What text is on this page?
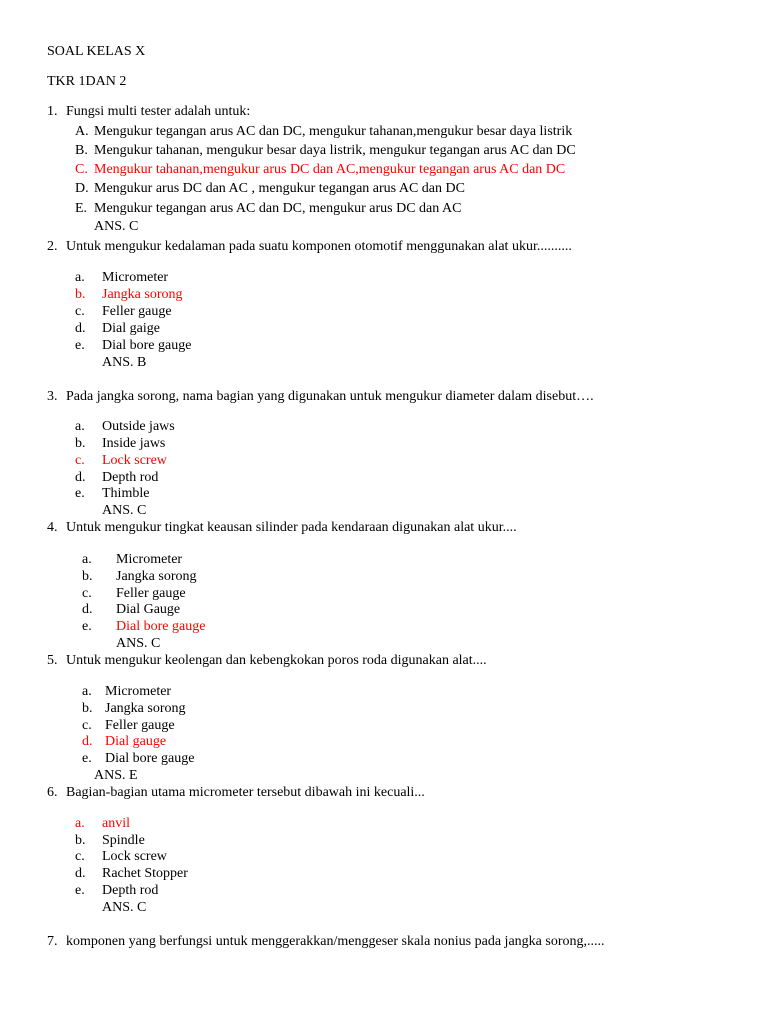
SOAL KELAS X
TKR 1DAN 2
1. Fungsi multi tester adalah untuk:
A. Mengukur tegangan arus AC dan DC, mengukur tahanan,mengukur besar daya listrik
B. Mengukur tahanan, mengukur besar daya listrik, mengukur tegangan arus AC dan DC
C. Mengukur tahanan,mengukur arus DC dan AC,mengukur tegangan arus AC dan DC
D. Mengukur arus DC dan AC , mengukur tegangan arus AC dan DC
E. Mengukur tegangan arus AC dan DC, mengukur arus DC dan AC
ANS. C
2. Untuk mengukur kedalaman pada suatu komponen otomotif menggunakan alat ukur..........
a. Micrometer
b. Jangka sorong
c. Feller gauge
d. Dial gaige
e. Dial bore gauge
ANS. B
3. Pada jangka sorong, nama bagian yang digunakan untuk mengukur diameter dalam disebut….
a. Outside jaws
b. Inside jaws
c. Lock screw
d. Depth rod
e. Thimble
ANS. C
4. Untuk mengukur tingkat keausan silinder pada kendaraan digunakan alat ukur....
a. Micrometer
b. Jangka sorong
c. Feller gauge
d. Dial Gauge
e. Dial bore gauge
ANS. C
5. Untuk mengukur keolengan dan kebengkokan poros roda digunakan alat....
a. Micrometer
b. Jangka sorong
c. Feller gauge
d. Dial gauge
e. Dial bore gauge
ANS. E
6. Bagian-bagian utama micrometer tersebut dibawah ini kecuali...
a. anvil
b. Spindle
c. Lock screw
d. Rachet Stopper
e. Depth rod
ANS. C
7. komponen yang berfungsi untuk menggerakkan/menggeser skala nonius pada jangka sorong,.....
